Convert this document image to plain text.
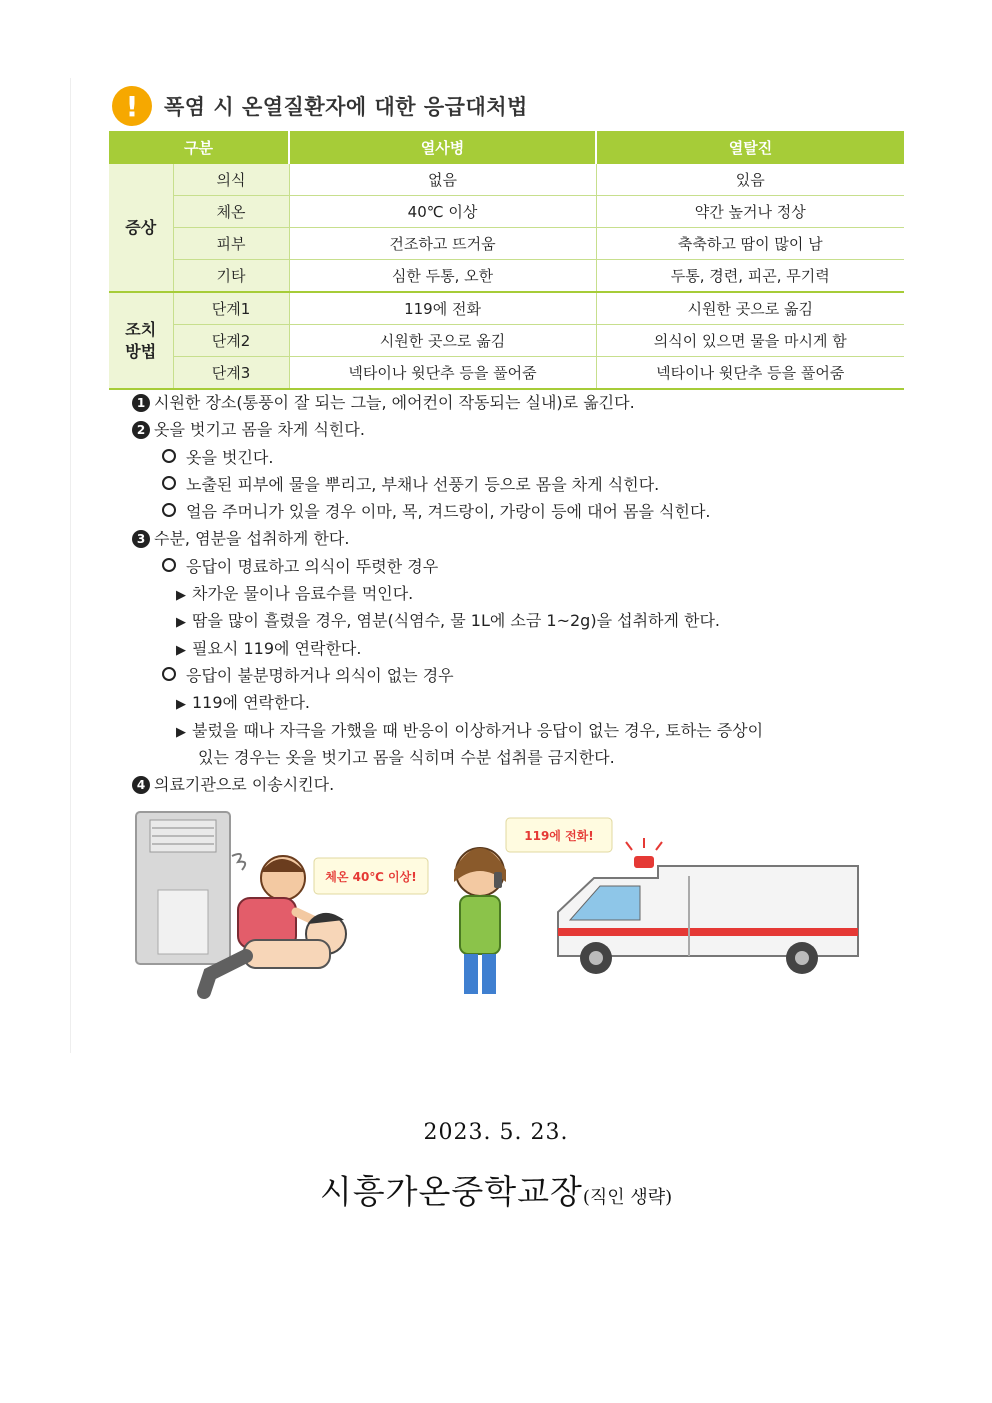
!	폭염 시 온열질환자에 대한 응급대처법
구분		열사병	열탈진
증상	의식	없음	있음
	체온	40℃ 이상	약간 높거나 정상
	피부	건조하고 뜨거움	축축하고 땀이 많이 남
	기타	심한 두통, 오한	두통, 경련, 피곤, 무기력
조치
방법	단계1	119에 전화	시원한 곳으로 옮김
	단계2	시원한 곳으로 옮김	의식이 있으면 물을 마시게 함
	단계3	넥타이나 윗단추 등을 풀어줌	넥타이나 윗단추 등을 풀어줌
1 시원한 장소(통풍이 잘 되는 그늘, 에어컨이 작동되는 실내)로 옮긴다.
2 옷을 벗기고 몸을 차게 식힌다.
옷을 벗긴다.
노출된 피부에 물을 뿌리고, 부채나 선풍기 등으로 몸을 차게 식힌다.
얼음 주머니가 있을 경우 이마, 목, 겨드랑이, 가랑이 등에 대어 몸을 식힌다.
3 수분, 염분을 섭취하게 한다.
응답이 명료하고 의식이 뚜렷한 경우
▶ 차가운 물이나 음료수를 먹인다.
▶ 땀을 많이 흘렸을 경우, 염분(식염수, 물 1L에 소금 1~2g)을 섭취하게 한다.
▶ 필요시 119에 연락한다.
응답이 불분명하거나 의식이 없는 경우
▶ 119에 연락한다.
▶ 불렀을 때나 자극을 가했을 때 반응이 이상하거나 응답이 없는 경우, 토하는 증상이
있는 경우는 옷을 벗기고 몸을 식히며 수분 섭취를 금지한다.
4 의료기관으로 이송시킨다.
체온 40℃ 이상!
119에 전화!
2023. 5. 23.
시흥가온중학교장(직인 생략)
